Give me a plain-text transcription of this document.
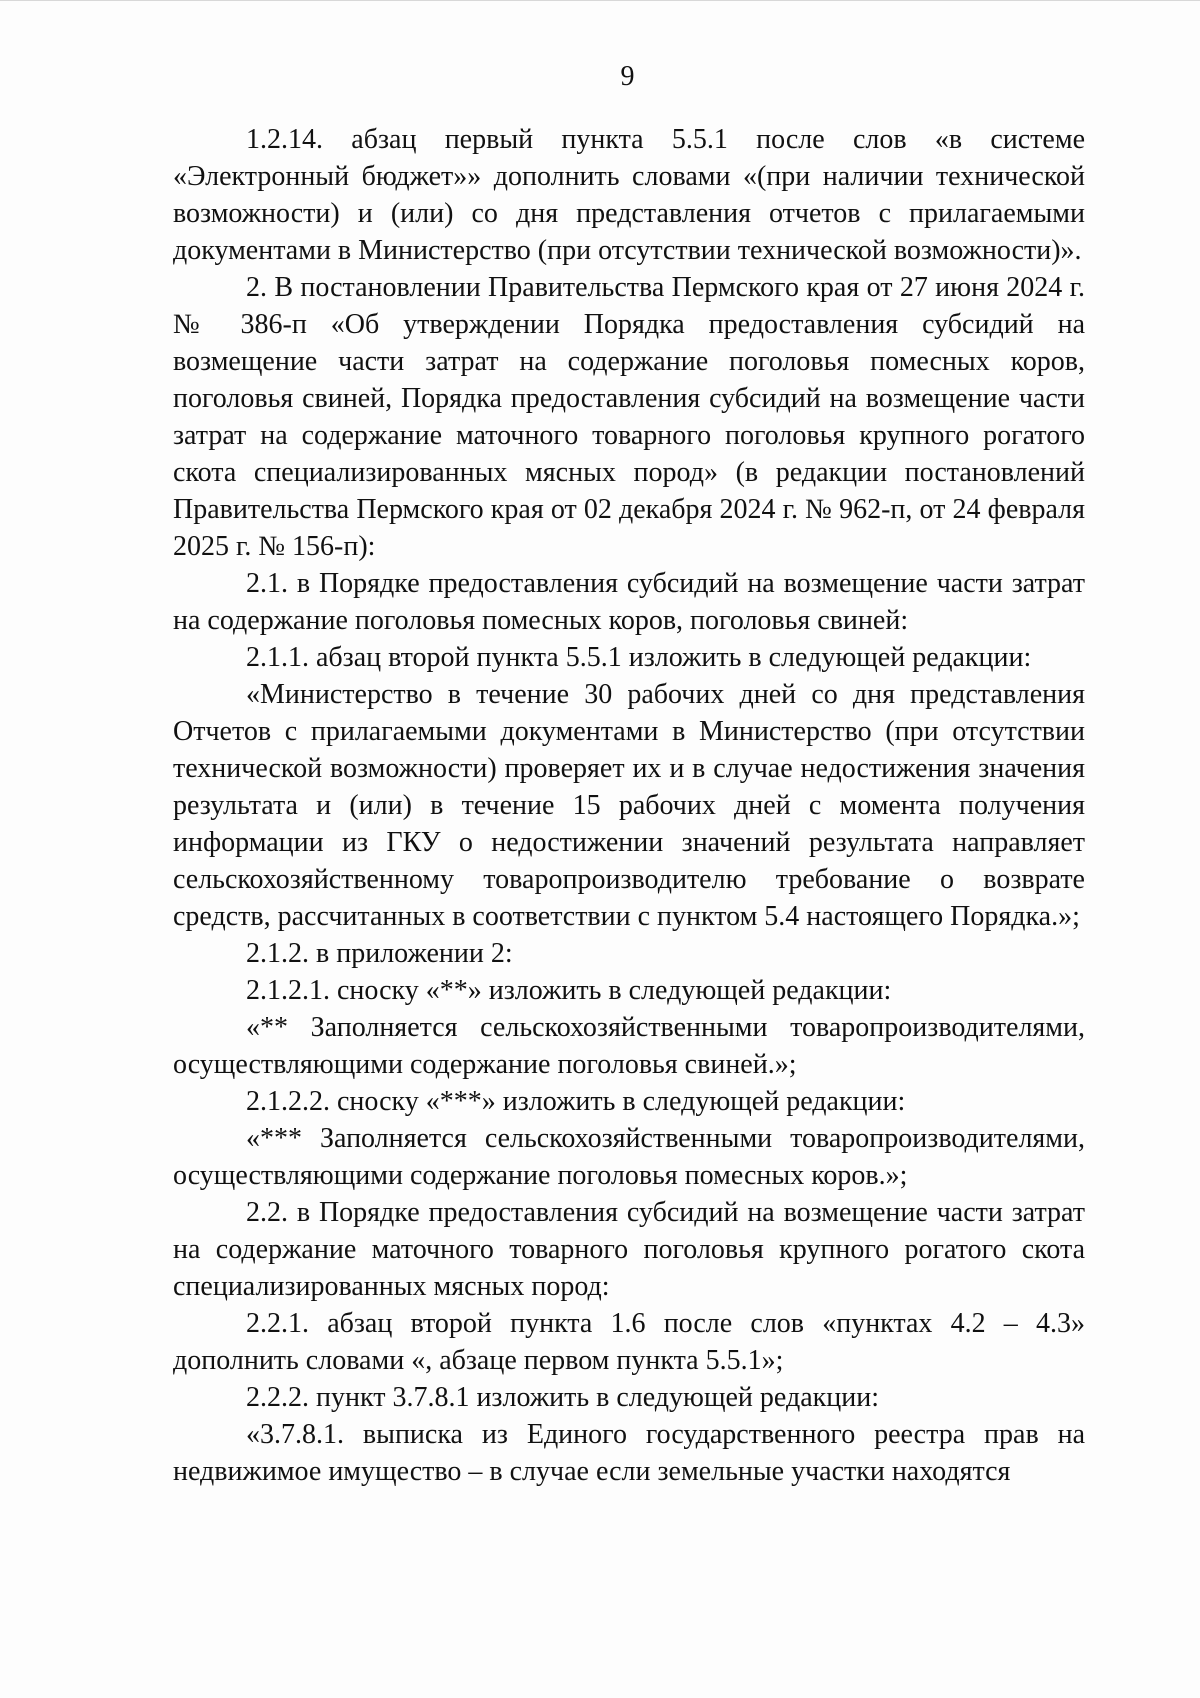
9

1.2.14. абзац первый пункта 5.5.1 после слов «в системе «Электронный бюджет»» дополнить словами «(при наличии технической возможности) и (или) со дня представления отчетов с прилагаемыми документами в Министерство (при отсутствии технической возможности)».

2. В постановлении Правительства Пермского края от 27 июня 2024 г. № 386-п «Об утверждении Порядка предоставления субсидий на возмещение части затрат на содержание поголовья помесных коров, поголовья свиней, Порядка предоставления субсидий на возмещение части затрат на содержание маточного товарного поголовья крупного рогатого скота специализированных мясных пород» (в редакции постановлений Правительства Пермского края от 02 декабря 2024 г. № 962-п, от 24 февраля 2025 г. № 156-п):

2.1. в Порядке предоставления субсидий на возмещение части затрат на содержание поголовья помесных коров, поголовья свиней:

2.1.1. абзац второй пункта 5.5.1 изложить в следующей редакции:

«Министерство в течение 30 рабочих дней со дня представления Отчетов с прилагаемыми документами в Министерство (при отсутствии технической возможности) проверяет их и в случае недостижения значения результата и (или) в течение 15 рабочих дней с момента получения информации из ГКУ о недостижении значений результата направляет сельскохозяйственному товаропроизводителю требование о возврате средств, рассчитанных в соответствии с пунктом 5.4 настоящего Порядка.»;

2.1.2. в приложении 2:

2.1.2.1. сноску «**» изложить в следующей редакции:

«** Заполняется сельскохозяйственными товаропроизводителями, осуществляющими содержание поголовья свиней.»;

2.1.2.2. сноску «***» изложить в следующей редакции:

«*** Заполняется сельскохозяйственными товаропроизводителями, осуществляющими содержание поголовья помесных коров.»;

2.2. в Порядке предоставления субсидий на возмещение части затрат на содержание маточного товарного поголовья крупного рогатого скота специализированных мясных пород:

2.2.1. абзац второй пункта 1.6 после слов «пунктах 4.2 – 4.3» дополнить словами «, абзаце первом пункта 5.5.1»;

2.2.2. пункт 3.7.8.1 изложить в следующей редакции:

«3.7.8.1. выписка из Единого государственного реестра прав на недвижимое имущество – в случае если земельные участки находятся
